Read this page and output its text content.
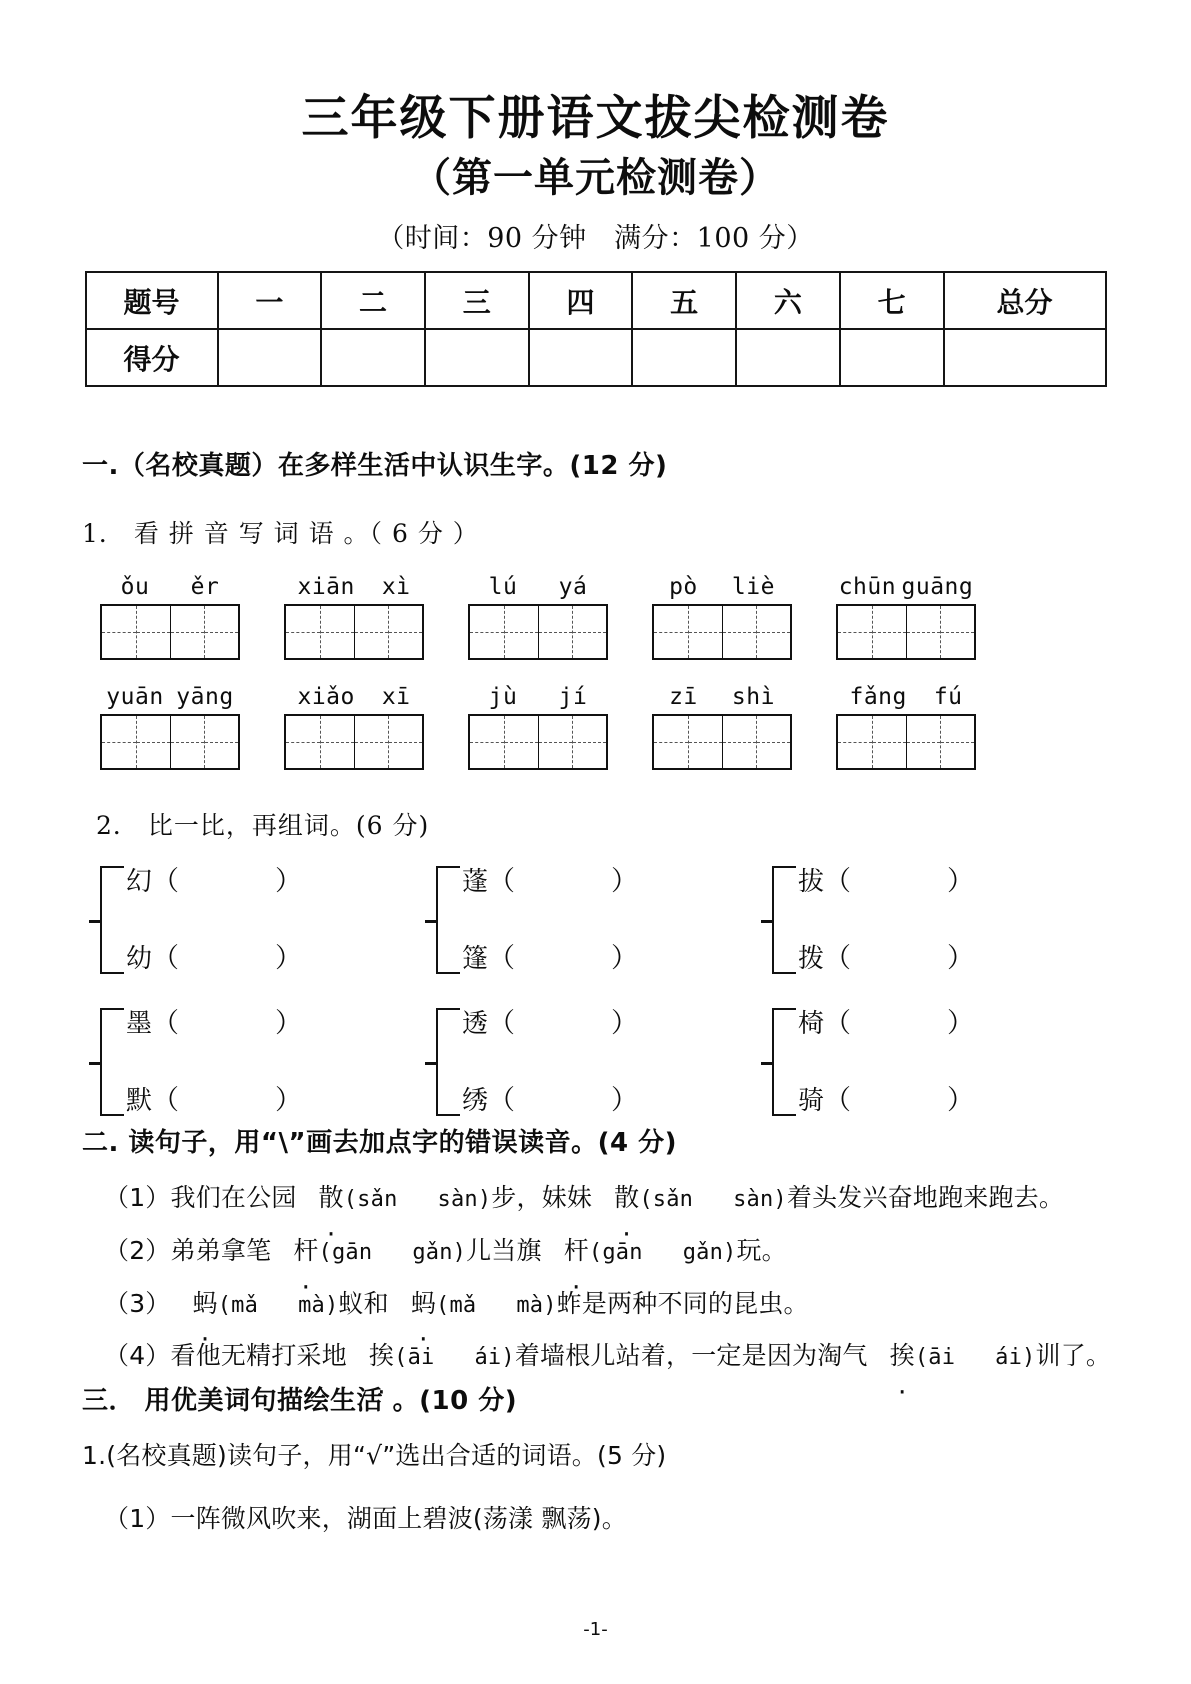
三年级下册语文拔尖检测卷
（第一单元检测卷）
（时间：90 分钟　满分：100 分）
题号	一	二	三	四	五	六	七	总分
得分								
一.（名校真题）在多样生活中认识生字。(12 分)
1． 看 拼 音 写 词 语 。（ 6 分 ）
ǒu ěr	xiān xì	lú yá	pò liè	chūn guāng
yuān yāng	xiǎo xī	jù jí	zī shì	fǎng fú
2． 比一比，再组词。(6 分)
幻（	）
幼（	）
蓬（	）
篷（	）
拔（	）
拨（	）
墨（	）
默（	）
透（	）
绣（	）
椅（	）
骑（	）
二. 读句子，用“\”画去加点字的错误读音。(4 分)
（1）我们在公园 散(sǎn sàn)步，妹妹 散(sǎn sàn)着头发兴奋地跑来跑去。
（2）弟弟拿笔 杆(gān gǎn)儿当旗 杆(gān gǎn)玩。
（3） 蚂(mǎ mà)蚁和 蚂(mǎ mà)蚱是两种不同的昆虫。
（4）看他无精打采地 挨(āi ái)着墙根儿站着，一定是因为淘气 挨(āi ái)训了。
三． 用优美词句描绘生活 。(10 分)
1.(名校真题)读句子，用“√”选出合适的词语。(5 分)
（1）一阵微风吹来，湖面上碧波(荡漾 飘荡)。
-1-
